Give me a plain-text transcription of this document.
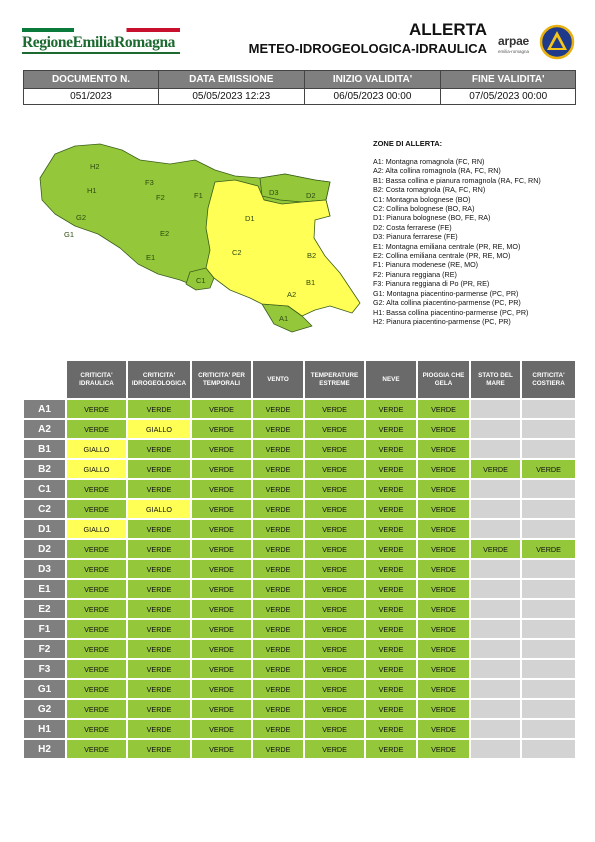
RegioneEmiliaRomagna
ALLERTA
METEO-IDROGEOLOGICA-IDRAULICA arpae
emilia-romagna
DOCUMENTO N.	DATA EMISSIONE	INIZIO VALIDITA'	FINE VALIDITA'
051/2023	05/05/2023 12:23	06/05/2023 00:00	07/05/2023 00:00
H2
H1
G2
G1
F3
F2	F1
E2
E1
D3	D2
D1
C2
C1
B2
B1
A2
A1
ZONE DI ALLERTA:
A1: Montagna romagnola (FC, RN)
A2: Alta collina romagnola (RA, FC, RN)
B1: Bassa collina e pianura romagnola (RA, FC, RN)
B2: Costa romagnola (RA, FC, RN)
C1: Montagna bolognese (BO)
C2: Collina bolognese (BO, RA)
D1: Pianura bolognese (BO, FE, RA)
D2: Costa ferrarese (FE)
D3: Pianura ferrarese (FE)
E1: Montagna emiliana centrale (PR, RE, MO)
E2: Collina emiliana centrale (PR, RE, MO)
F1: Pianura modenese (RE, MO)
F2: Pianura reggiana (RE)
F3: Pianura reggiana di Po (PR, RE)
G1: Montagna piacentino-parmense (PC, PR)
G2: Alta collina piacentino-parmense (PC, PR)
H1: Bassa collina piacentino-parmense (PC, PR)
H2: Pianura piacentino-parmense (PC, PR)
	CRITICITA' IDRAULICA	CRITICITA' IDROGEOLOGICA	CRITICITA' PER TEMPORALI	VENTO	TEMPERATURE ESTREME	NEVE	PIOGGIA CHE GELA	STATO DEL MARE	CRITICITA' COSTIERA
A1	VERDE	VERDE	VERDE	VERDE	VERDE	VERDE	VERDE		
A2	VERDE	GIALLO	VERDE	VERDE	VERDE	VERDE	VERDE		
B1	GIALLO	VERDE	VERDE	VERDE	VERDE	VERDE	VERDE		
B2	GIALLO	VERDE	VERDE	VERDE	VERDE	VERDE	VERDE	VERDE	VERDE
C1	VERDE	VERDE	VERDE	VERDE	VERDE	VERDE	VERDE		
C2	VERDE	GIALLO	VERDE	VERDE	VERDE	VERDE	VERDE		
D1	GIALLO	VERDE	VERDE	VERDE	VERDE	VERDE	VERDE		
D2	VERDE	VERDE	VERDE	VERDE	VERDE	VERDE	VERDE	VERDE	VERDE
D3	VERDE	VERDE	VERDE	VERDE	VERDE	VERDE	VERDE		
E1	VERDE	VERDE	VERDE	VERDE	VERDE	VERDE	VERDE		
E2	VERDE	VERDE	VERDE	VERDE	VERDE	VERDE	VERDE		
F1	VERDE	VERDE	VERDE	VERDE	VERDE	VERDE	VERDE		
F2	VERDE	VERDE	VERDE	VERDE	VERDE	VERDE	VERDE		
F3	VERDE	VERDE	VERDE	VERDE	VERDE	VERDE	VERDE		
G1	VERDE	VERDE	VERDE	VERDE	VERDE	VERDE	VERDE		
G2	VERDE	VERDE	VERDE	VERDE	VERDE	VERDE	VERDE		
H1	VERDE	VERDE	VERDE	VERDE	VERDE	VERDE	VERDE		
H2	VERDE	VERDE	VERDE	VERDE	VERDE	VERDE	VERDE		
